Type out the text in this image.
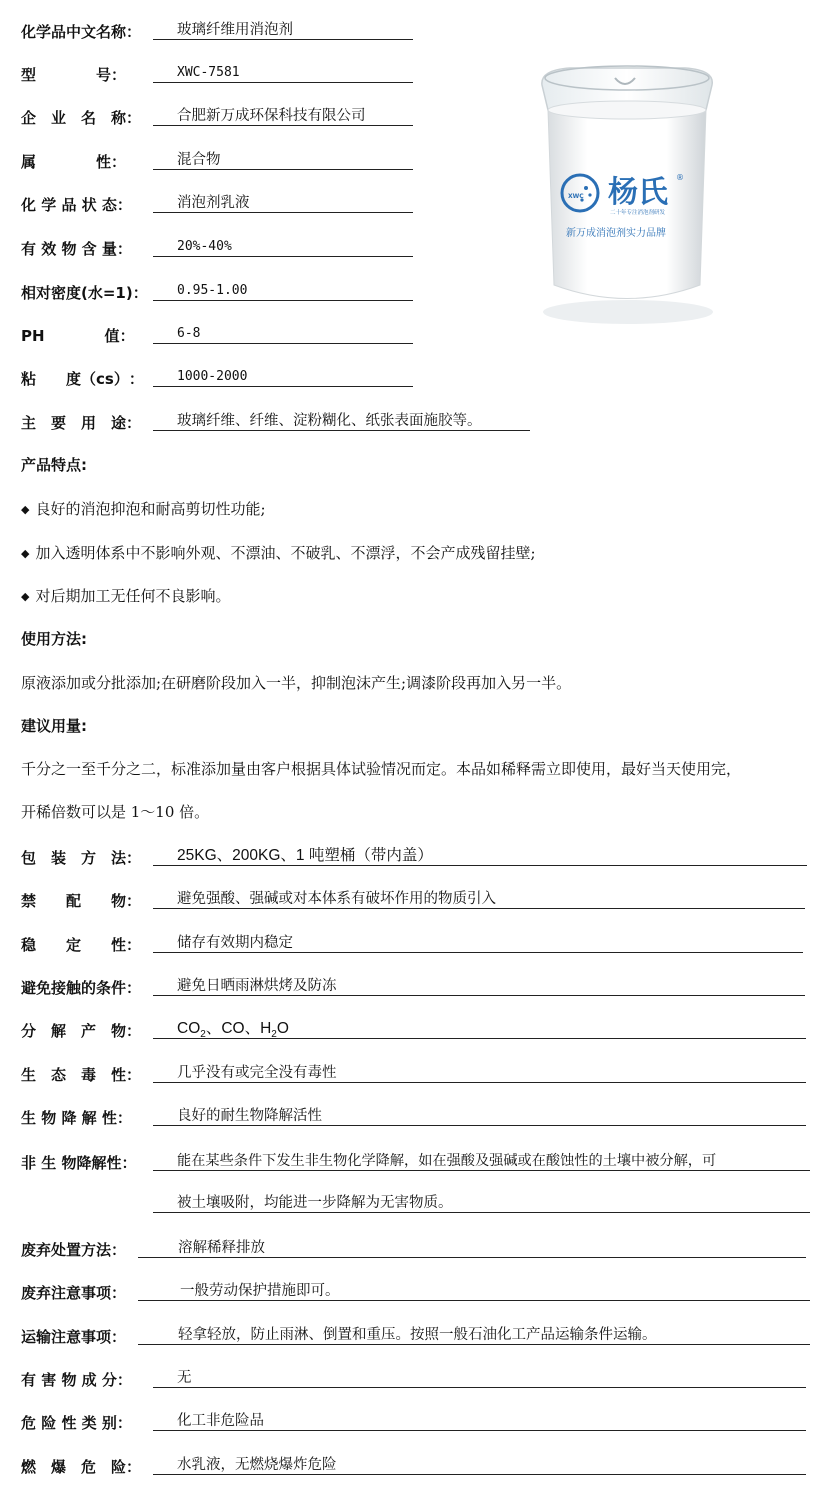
化学品中文名称 ：	玻璃纤维用消泡剂
型　　　　号 ：	XWC-7581
企　业　名　称 ：	合肥新万成环保科技有限公司
属　　　　性 ：	混合物
化 学 品 状 态 ：	消泡剂乳液
有 效 物 含 量 ：	20%-40%
相对密度(水=1) ：	0.95-1.00
PH　　　　值 ：	6-8
粘　　度（cs） ：	1000-2000
主　要　用　途 ：	玻璃纤维、纤维、淀粉糊化、纸张表面施胶等。
XWC 杨氏 ®
二十年专注消泡剂研发
新万成消泡剂实力品牌
产品特点:
◆ 良好的消泡抑泡和耐高剪切性功能;
◆ 加入透明体系中不影响外观、不漂油、不破乳、不漂浮，不会产成残留挂壁;
◆ 对后期加工无任何不良影响。
使用方法:
原液添加或分批添加;在研磨阶段加入一半，抑制泡沫产生;调漆阶段再加入另一半。
建议用量:
千分之一至千分之二，标准添加量由客户根据具体试验情况而定。本品如稀释需立即使用，最好当天使用完，
开稀倍数可以是 1～10 倍。
包　装　方　法 ：	25KG、200KG、1 吨塑桶（带内盖）
禁　　配　　物 ：	避免强酸、强碱或对本体系有破坏作用的物质引入
稳　　定　　性 ：	储存有效期内稳定
避免接触的条件 ：	避免日晒雨淋烘烤及防冻
分　解　产　物 ：	$CO_2$、CO、$H_2O$
生　态　毒　性 ：	几乎没有或完全没有毒性
生 物 降 解 性 ：	良好的耐生物降解活性
非 生 物降解性 ：	能在某些条件下发生非生物化学降解，如在强酸及强碱或在酸蚀性的土壤中被分解，可
被土壤吸附，均能进一步降解为无害物质。
废弃处置方法 ：	溶解稀释排放
废弃注意事项 ：	一般劳动保护措施即可。
运输注意事项 ：	轻拿轻放，防止雨淋、倒置和重压。按照一般石油化工产品运输条件运输。
有 害 物 成 分 ：	无
危 险 性 类 别 ：	化工非危险品
燃　爆　危　险 ：	水乳液，无燃烧爆炸危险
